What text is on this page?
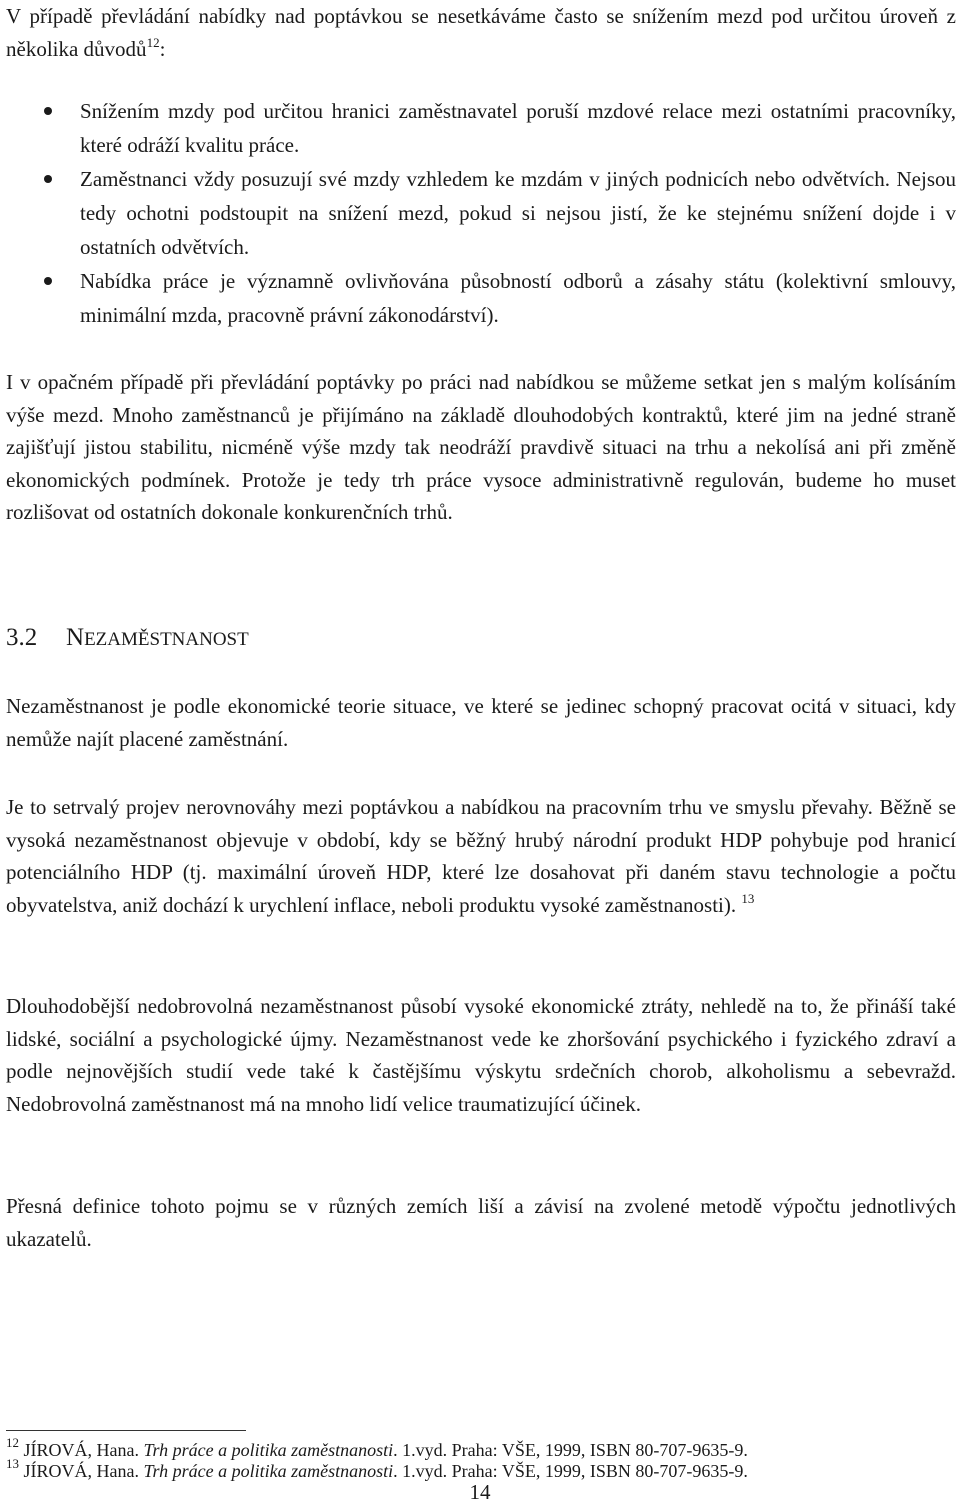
V případě převládání nabídky nad poptávkou se nesetkáváme často se snížením mezd pod určitou úroveň z několika důvodů$^{12}$:

Snížením mzdy pod určitou hranici zaměstnavatel poruší mzdové relace mezi ostatními pracovníky, které odráží kvalitu práce.
Zaměstnanci vždy posuzují své mzdy vzhledem ke mzdám v jiných podnicích nebo odvětvích. Nejsou tedy ochotni podstoupit na snížení mezd, pokud si nejsou jistí, že ke stejnému snížení dojde i v ostatních odvětvích.
Nabídka práce je významně ovlivňována působností odborů a zásahy státu (kolektivní smlouvy, minimální mzda, pracovně právní zákonodárství).

I v opačném případě při převládání poptávky po práci nad nabídkou se můžeme setkat jen s malým kolísáním výše mezd. Mnoho zaměstnanců je přijímáno na základě dlouhodobých kontraktů, které jim na jedné straně zajišťují jistou stabilitu, nicméně výše mzdy tak neodráží pravdivě situaci na trhu a nekolísá ani při změně ekonomických podmínek. Protože je tedy trh práce vysoce administrativně regulován, budeme ho muset rozlišovat od ostatních dokonale konkurenčních trhů.

3.2 NEZAMĚSTNANOST

Nezaměstnanost je podle ekonomické teorie situace, ve které se jedinec schopný pracovat ocitá v situaci, kdy nemůže najít placené zaměstnání.

Je to setrvalý projev nerovnováhy mezi poptávkou a nabídkou na pracovním trhu ve smyslu převahy. Běžně se vysoká nezaměstnanost objevuje v období, kdy se běžný hrubý národní produkt HDP pohybuje pod hranicí potenciálního HDP (tj. maximální úroveň HDP, které lze dosahovat při daném stavu technologie a počtu obyvatelstva, aniž dochází k urychlení inflace, neboli produktu vysoké zaměstnanosti). $^{13}$

Dlouhodobější nedobrovolná nezaměstnanost působí vysoké ekonomické ztráty, nehledě na to, že přináší také lidské, sociální a psychologické újmy. Nezaměstnanost vede ke zhoršování psychického i fyzického zdraví a podle nejnovějších studií vede také k častějšímu výskytu srdečních chorob, alkoholismu a sebevražd. Nedobrovolná zaměstnanost má na mnoho lidí velice traumatizující účinek.

Přesná definice tohoto pojmu se v různých zemích liší a závisí na zvolené metodě výpočtu jednotlivých ukazatelů.

$^{12}$ JÍROVÁ, Hana. Trh práce a politika zaměstnanosti. 1.vyd. Praha: VŠE, 1999, ISBN 80-707-9635-9.

$^{13}$ JÍROVÁ, Hana. Trh práce a politika zaměstnanosti. 1.vyd. Praha: VŠE, 1999, ISBN 80-707-9635-9.

14
